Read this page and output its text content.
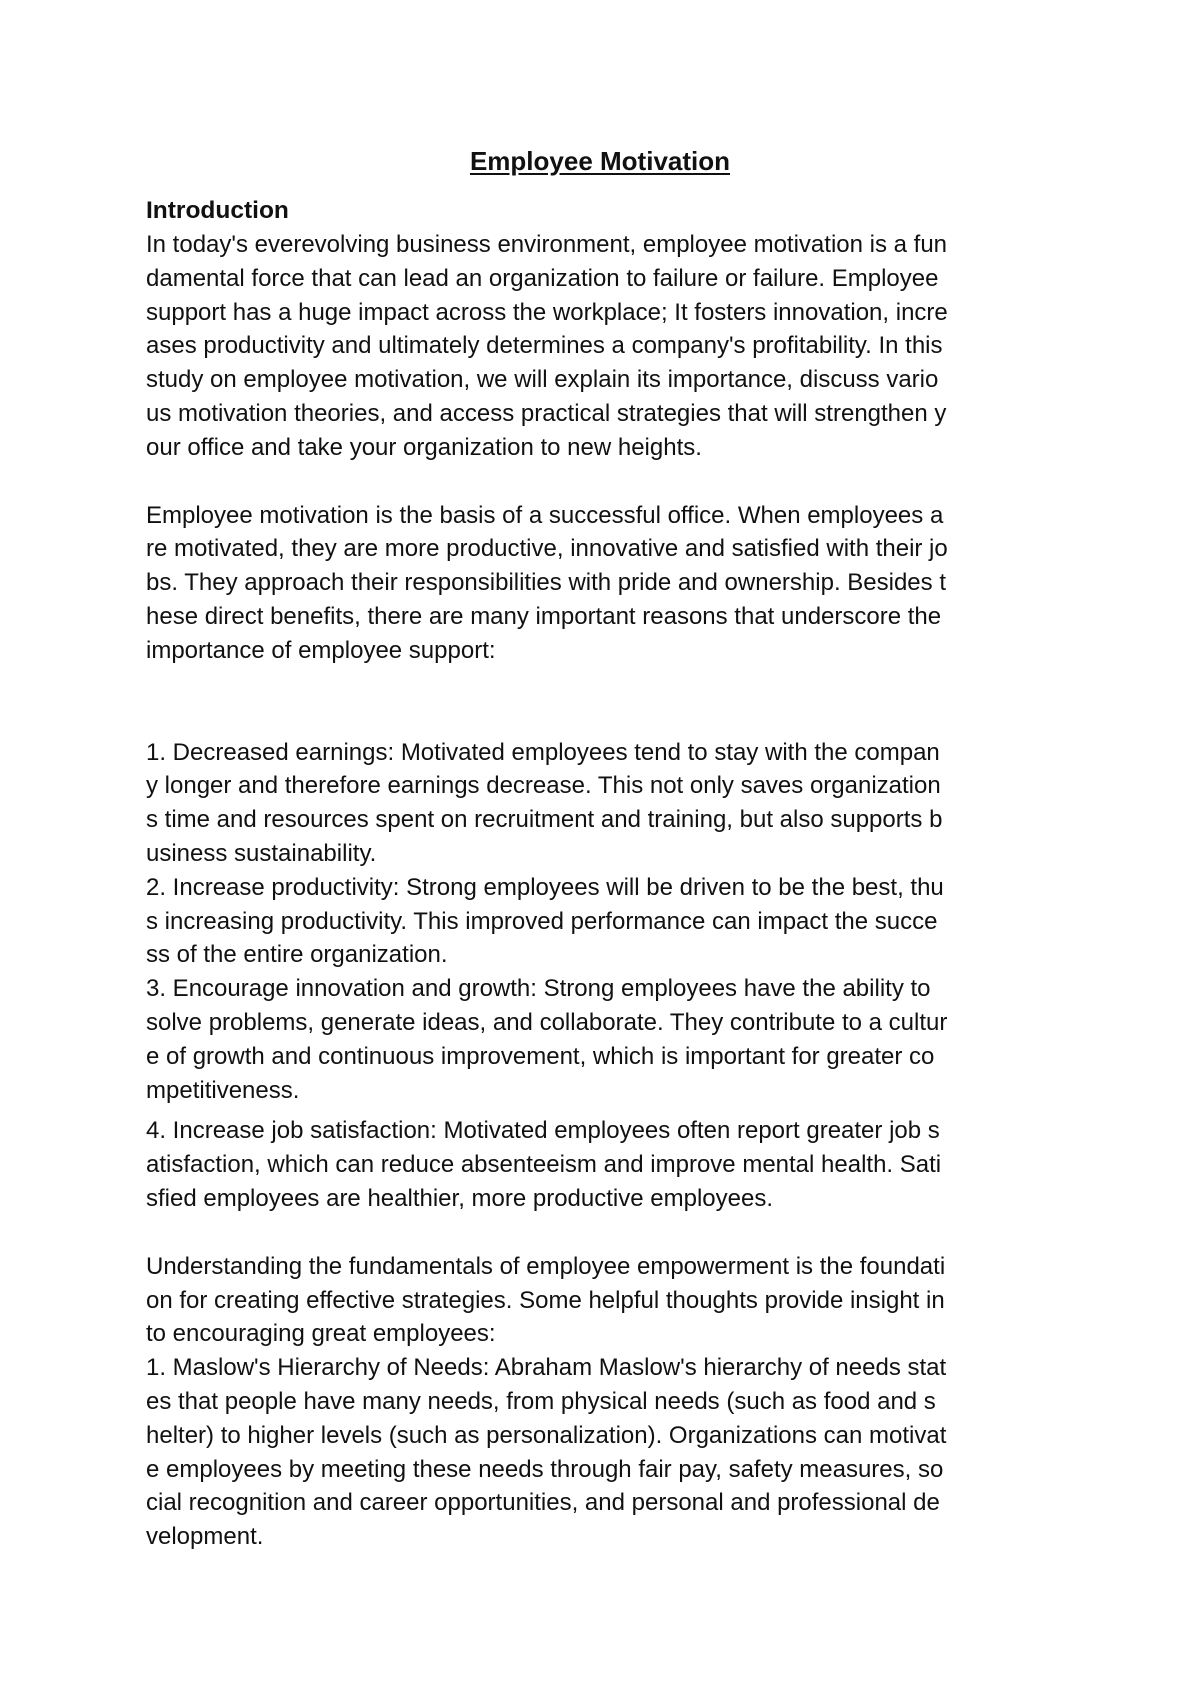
Employee Motivation
Introduction
In today's everevolving business environment, employee motivation is a fun
damental force that can lead an organization to failure or failure. Employee
support has a huge impact across the workplace; It fosters innovation, incre
ases productivity and ultimately determines a company's profitability. In this
study on employee motivation, we will explain its importance, discuss vario
us motivation theories, and access practical strategies that will strengthen y
our office and take your organization to new heights.
Employee motivation is the basis of a successful office. When employees a
re motivated, they are more productive, innovative and satisfied with their jo
bs. They approach their responsibilities with pride and ownership. Besides t
hese direct benefits, there are many important reasons that underscore the
importance of employee support:
1. Decreased earnings: Motivated employees tend to stay with the compan
y longer and therefore earnings decrease. This not only saves organization
s time and resources spent on recruitment and training, but also supports b
usiness sustainability.
2. Increase productivity: Strong employees will be driven to be the best, thu
s increasing productivity. This improved performance can impact the succe
ss of the entire organization.
3. Encourage innovation and growth: Strong employees have the ability to
solve problems, generate ideas, and collaborate. They contribute to a cultur
e of growth and continuous improvement, which is important for greater co
mpetitiveness.
4. Increase job satisfaction: Motivated employees often report greater job s
atisfaction, which can reduce absenteeism and improve mental health. Sati
sfied employees are healthier, more productive employees.
Understanding the fundamentals of employee empowerment is the foundati
on for creating effective strategies. Some helpful thoughts provide insight in
to encouraging great employees:
1. Maslow's Hierarchy of Needs: Abraham Maslow's hierarchy of needs stat
es that people have many needs, from physical needs (such as food and s
helter) to higher levels (such as personalization). Organizations can motivat
e employees by meeting these needs through fair pay, safety measures, so
cial recognition and career opportunities, and personal and professional de
velopment.
